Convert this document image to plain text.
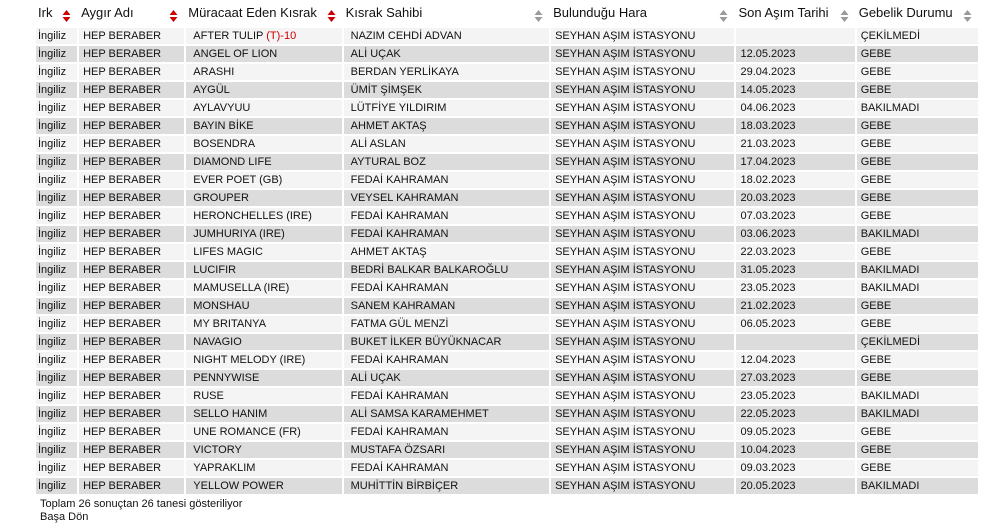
Irk	Aygır Adı	Müracaat Eden Kısrak	Kısrak Sahibi	Bulunduğu Hara	Son Aşım Tarihi	Gebelik Durumu

İngiliz	HEP BERABER	AFTER TULIP (T)-10	NAZIM CEHDİ ADVAN	SEYHAN AŞIM İSTASYONU		ÇEKİLMEDİ
İngiliz	HEP BERABER	ANGEL OF LION	ALİ UÇAK	SEYHAN AŞIM İSTASYONU	12.05.2023	GEBE
İngiliz	HEP BERABER	ARASHI	BERDAN YERLİKAYA	SEYHAN AŞIM İSTASYONU	29.04.2023	GEBE
İngiliz	HEP BERABER	AYGÜL	ÜMİT ŞİMŞEK	SEYHAN AŞIM İSTASYONU	14.05.2023	GEBE
İngiliz	HEP BERABER	AYLAVYUU	LÜTFİYE YILDIRIM	SEYHAN AŞIM İSTASYONU	04.06.2023	BAKILMADI
İngiliz	HEP BERABER	BAYIN BİKE	AHMET AKTAŞ	SEYHAN AŞIM İSTASYONU	18.03.2023	GEBE
İngiliz	HEP BERABER	BOSENDRA	ALİ ASLAN	SEYHAN AŞIM İSTASYONU	21.03.2023	GEBE
İngiliz	HEP BERABER	DIAMOND LIFE	AYTURAL BOZ	SEYHAN AŞIM İSTASYONU	17.04.2023	GEBE
İngiliz	HEP BERABER	EVER POET (GB)	FEDAİ KAHRAMAN	SEYHAN AŞIM İSTASYONU	18.02.2023	GEBE
İngiliz	HEP BERABER	GROUPER	VEYSEL KAHRAMAN	SEYHAN AŞIM İSTASYONU	20.03.2023	GEBE
İngiliz	HEP BERABER	HERONCHELLES (IRE)	FEDAİ KAHRAMAN	SEYHAN AŞIM İSTASYONU	07.03.2023	GEBE
İngiliz	HEP BERABER	JUMHURIYA (IRE)	FEDAİ KAHRAMAN	SEYHAN AŞIM İSTASYONU	03.06.2023	BAKILMADI
İngiliz	HEP BERABER	LIFES MAGIC	AHMET AKTAŞ	SEYHAN AŞIM İSTASYONU	22.03.2023	GEBE
İngiliz	HEP BERABER	LUCIFIR	BEDRİ BALKAR BALKAROĞLU	SEYHAN AŞIM İSTASYONU	31.05.2023	BAKILMADI
İngiliz	HEP BERABER	MAMUSELLA (IRE)	FEDAİ KAHRAMAN	SEYHAN AŞIM İSTASYONU	23.05.2023	BAKILMADI
İngiliz	HEP BERABER	MONSHAU	SANEM KAHRAMAN	SEYHAN AŞIM İSTASYONU	21.02.2023	GEBE
İngiliz	HEP BERABER	MY BRITANYA	FATMA GÜL MENZİ	SEYHAN AŞIM İSTASYONU	06.05.2023	GEBE
İngiliz	HEP BERABER	NAVAGIO	BUKET İLKER BÜYÜKNACAR	SEYHAN AŞIM İSTASYONU		ÇEKİLMEDİ
İngiliz	HEP BERABER	NIGHT MELODY (IRE)	FEDAİ KAHRAMAN	SEYHAN AŞIM İSTASYONU	12.04.2023	GEBE
İngiliz	HEP BERABER	PENNYWISE	ALİ UÇAK	SEYHAN AŞIM İSTASYONU	27.03.2023	GEBE
İngiliz	HEP BERABER	RUSE	FEDAİ KAHRAMAN	SEYHAN AŞIM İSTASYONU	23.05.2023	BAKILMADI
İngiliz	HEP BERABER	SELLO HANIM	ALİ SAMSA KARAMEHMET	SEYHAN AŞIM İSTASYONU	22.05.2023	BAKILMADI
İngiliz	HEP BERABER	UNE ROMANCE (FR)	FEDAİ KAHRAMAN	SEYHAN AŞIM İSTASYONU	09.05.2023	GEBE
İngiliz	HEP BERABER	VICTORY	MUSTAFA ÖZSARI	SEYHAN AŞIM İSTASYONU	10.04.2023	GEBE
İngiliz	HEP BERABER	YAPRAKLIM	FEDAİ KAHRAMAN	SEYHAN AŞIM İSTASYONU	09.03.2023	GEBE
İngiliz	HEP BERABER	YELLOW POWER	MUHİTTİN BİRBİÇER	SEYHAN AŞIM İSTASYONU	20.05.2023	BAKILMADI
Toplam 26 sonuçtan 26 tanesi gösteriliyor
Başa Dön
